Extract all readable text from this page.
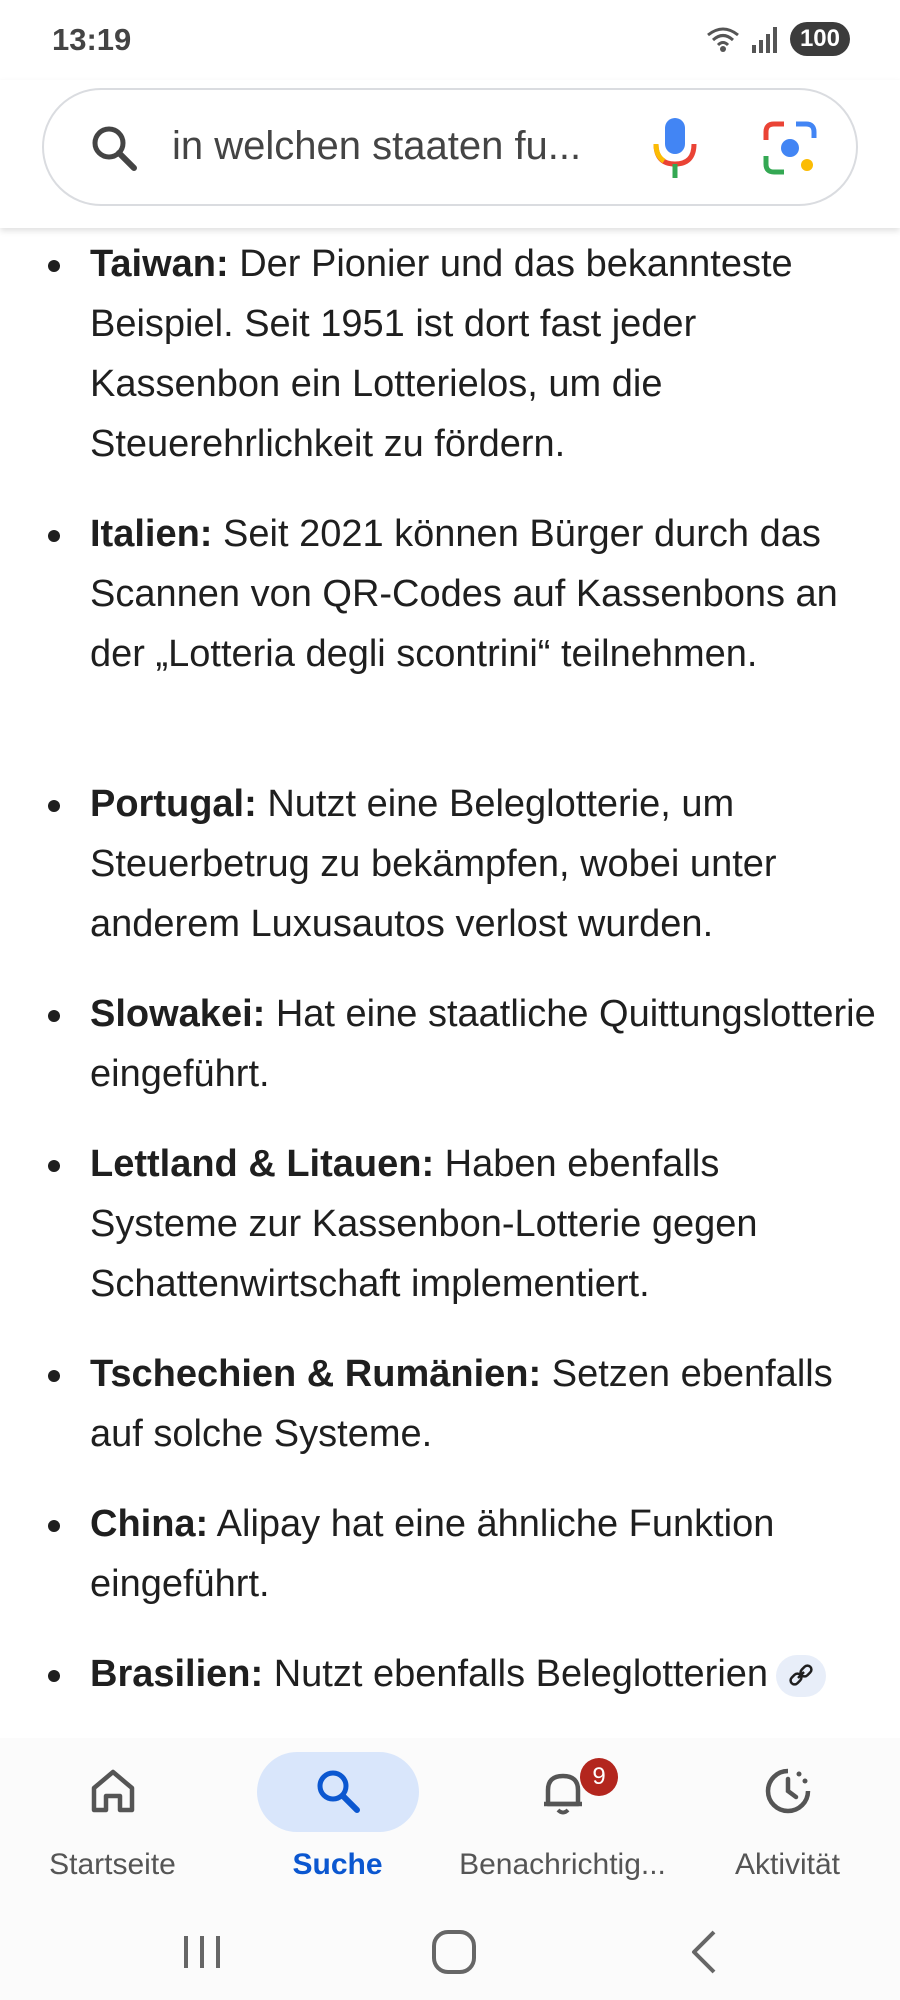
13:19	100
in welchen staaten fu...
Taiwan: Der Pionier und das bekannteste Beispiel. Seit 1951 ist dort fast jeder Kassenbon ein Lotterielos, um die Steuerehrlichkeit zu fördern.
Italien: Seit 2021 können Bürger durch das Scannen von QR-Codes auf Kassenbons an der „Lotteria degli scontrini“ teilnehmen.
Portugal: Nutzt eine Beleglotterie, um Steuerbetrug zu bekämpfen, wobei unter anderem Luxusautos verlost wurden.
Slowakei: Hat eine staatliche Quittungslotterie eingeführt.
Lettland & Litauen: Haben ebenfalls Systeme zur Kassenbon-Lotterie gegen Schattenwirtschaft implementiert.
Tschechien & Rumänien: Setzen ebenfalls auf solche Systeme.
China: Alipay hat eine ähnliche Funktion eingeführt.
Brasilien: Nutzt ebenfalls Beleglotterien
Startseite	Suche
9
Benachrichtig...	Aktivität
